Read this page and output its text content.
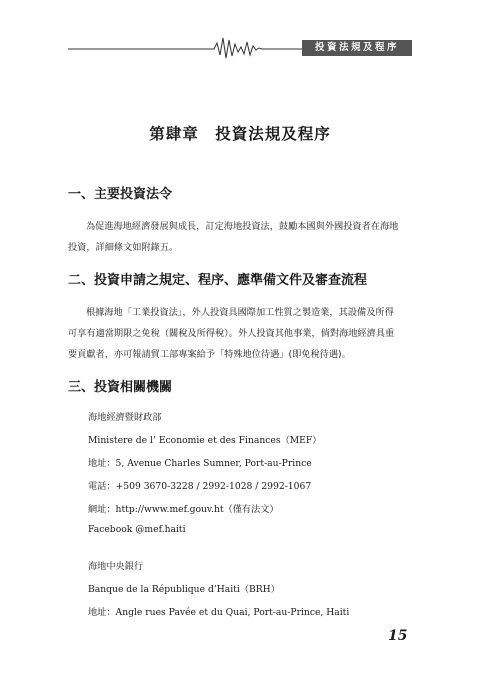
投資法規及程序
第肆章　投資法規及程序
一、主要投資法令
為促進海地經濟發展與成長，訂定海地投資法，鼓勵本國與外國投資者在海地
投資，詳細條文如附錄五。
二、投資申請之規定、程序、應準備文件及審查流程
根據海地「工業投資法」，外人投資具國際加工性質之製造業，其設備及所得
可享有適當期限之免稅（關稅及所得稅）。外人投資其他事業，倘對海地經濟具重
要貢獻者，亦可報請貿工部專案給予「特殊地位待遇」(即免稅待遇)。
三、投資相關機關
海地經濟暨財政部
Ministere de l’ Economie et des Finances（MEF）
地址：5, Avenue Charles Sumner, Port-au-Prince
電話：+509 3670-3228 / 2992-1028 / 2992-1067
網址：http://www.mef.gouv.ht（僅有法文）
Facebook @mef.haiti
海地中央銀行
Banque de la République d’Haiti（BRH）
地址：Angle rues Pavée et du Quai, Port-au-Prince, Haiti
15
